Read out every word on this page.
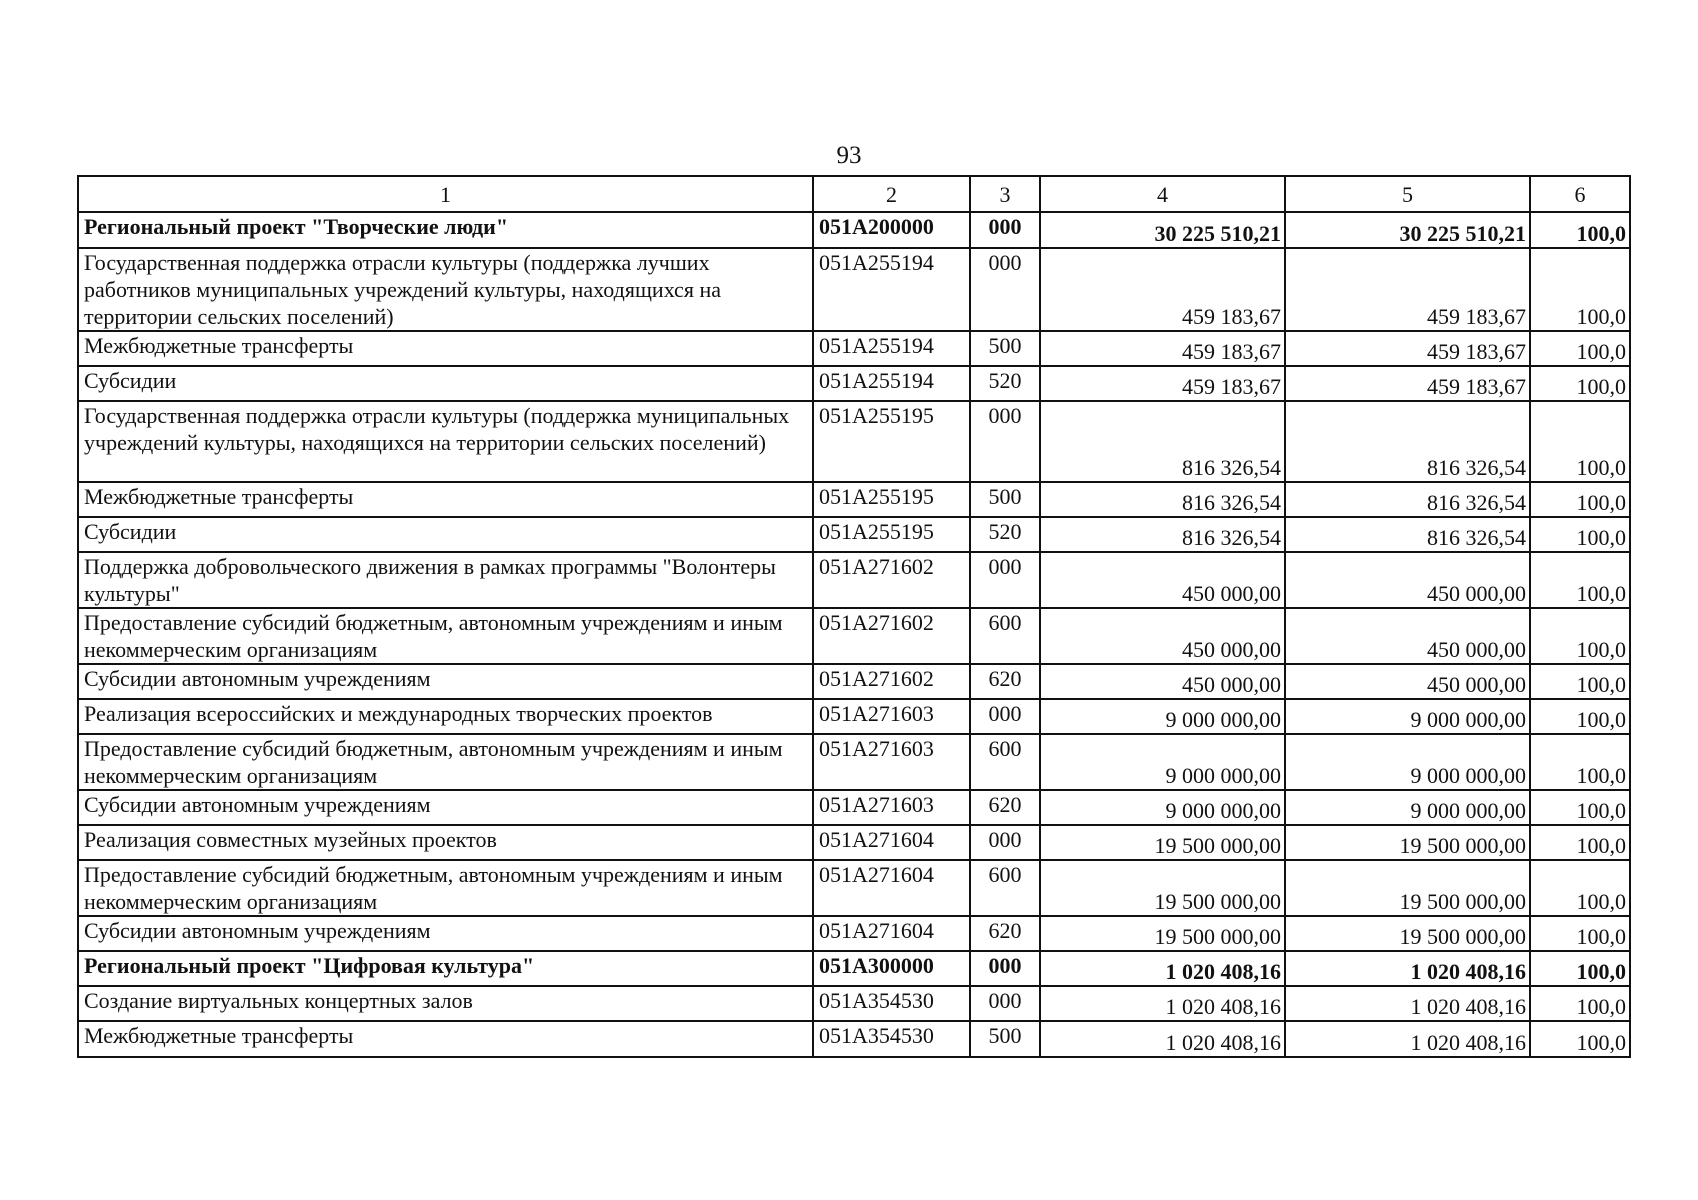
93
1	2	3	4	5	6
Региональный проект "Творческие люди"	051A200000	000	30 225 510,21	30 225 510,21	100,0
Государственная поддержка отрасли культуры (поддержка лучших работников муниципальных учреждений культуры, находящихся на территории сельских поселений)	051A255194	000	459 183,67	459 183,67	100,0
Межбюджетные трансферты	051A255194	500	459 183,67	459 183,67	100,0
Субсидии	051A255194	520	459 183,67	459 183,67	100,0
Государственная поддержка отрасли культуры (поддержка муниципальных учреждений культуры, находящихся на территории сельских поселений)	051A255195	000	816 326,54	816 326,54	100,0
Межбюджетные трансферты	051A255195	500	816 326,54	816 326,54	100,0
Субсидии	051A255195	520	816 326,54	816 326,54	100,0
Поддержка добровольческого движения в рамках программы "Волонтеры культуры"	051A271602	000	450 000,00	450 000,00	100,0
Предоставление субсидий бюджетным, автономным учреждениям и иным некоммерческим организациям	051A271602	600	450 000,00	450 000,00	100,0
Субсидии автономным учреждениям	051A271602	620	450 000,00	450 000,00	100,0
Реализация всероссийских и международных творческих проектов	051A271603	000	9 000 000,00	9 000 000,00	100,0
Предоставление субсидий бюджетным, автономным учреждениям и иным некоммерческим организациям	051A271603	600	9 000 000,00	9 000 000,00	100,0
Субсидии автономным учреждениям	051A271603	620	9 000 000,00	9 000 000,00	100,0
Реализация совместных музейных проектов	051A271604	000	19 500 000,00	19 500 000,00	100,0
Предоставление субсидий бюджетным, автономным учреждениям и иным некоммерческим организациям	051A271604	600	19 500 000,00	19 500 000,00	100,0
Субсидии автономным учреждениям	051A271604	620	19 500 000,00	19 500 000,00	100,0
Региональный проект "Цифровая культура"	051A300000	000	1 020 408,16	1 020 408,16	100,0
Создание виртуальных концертных залов	051A354530	000	1 020 408,16	1 020 408,16	100,0
Межбюджетные трансферты	051A354530	500	1 020 408,16	1 020 408,16	100,0
